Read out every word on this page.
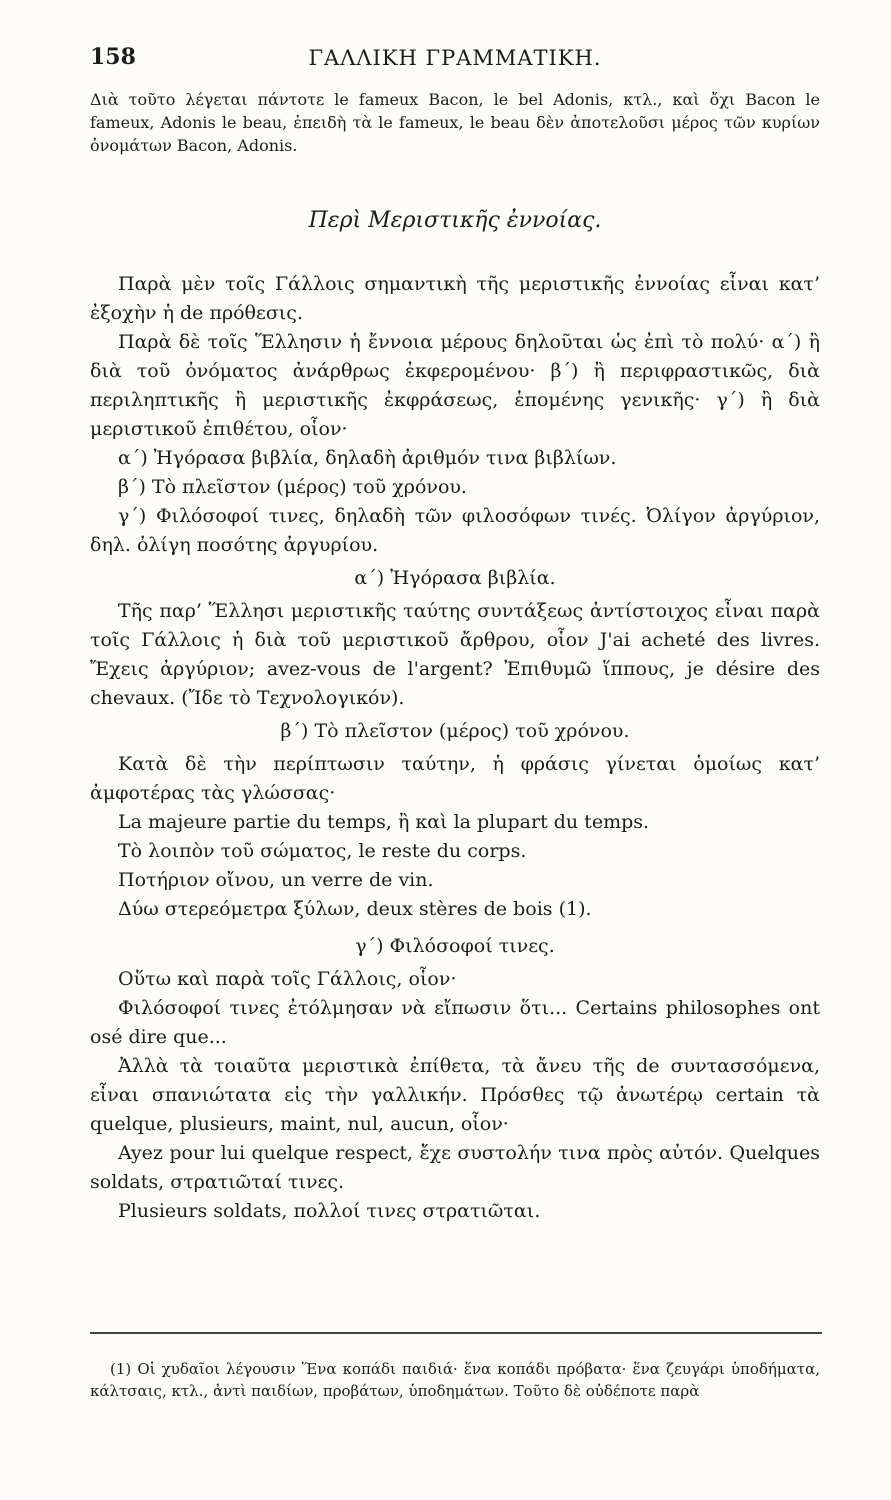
158	ΓΑΛΛΙΚΗ ΓΡΑΜΜΑΤΙΚΗ.

Διὰ τοῦτο λέγεται πάντοτε le fameux Bacon, le bel Adonis, κτλ., καὶ ὄχι Bacon le fameux, Adonis le beau, ἐπειδὴ τὰ le fameux, le beau δὲν ἀποτελοῦσι μέρος τῶν κυρίων ὀνομάτων Bacon, Adonis.

Περὶ Μεριστικῆς ἐννοίας.

Παρὰ μὲν τοῖς Γάλλοις σημαντικὴ τῆς μεριστικῆς ἐννοίας εἶναι κατ’ ἐξοχὴν ἡ de πρόθεσις.

Παρὰ δὲ τοῖς Ἕλλησιν ἡ ἔννοια μέρους δηλοῦται ὡς ἐπὶ τὸ πολύ· α΄) ἢ διὰ τοῦ ὀνόματος ἀνάρθρως ἐκφερομένου· β΄) ἢ περιφραστικῶς, διὰ περιληπτικῆς ἢ μεριστικῆς ἐκφράσεως, ἑπομένης γενικῆς· γ΄) ἢ διὰ μεριστικοῦ ἐπιθέτου, οἷον·

α΄) Ἠγόρασα βιβλία, δηλαδὴ ἀριθμόν τινα βιβλίων.

β΄) Τὸ πλεῖστον (μέρος) τοῦ χρόνου.

γ΄) Φιλόσοφοί τινες, δηλαδὴ τῶν φιλοσόφων τινές. Ὀλίγον ἀργύριον, δηλ. ὀλίγη ποσότης ἀργυρίου.

α΄) Ἠγόρασα βιβλία.

Τῆς παρ’ Ἕλλησι μεριστικῆς ταύτης συντάξεως ἀντίστοιχος εἶναι παρὰ τοῖς Γάλλοις ἡ διὰ τοῦ μεριστικοῦ ἄρθρου, οἷον J'ai acheté des livres. Ἔχεις ἀργύριον; avez-vous de l'argent? Ἐπιθυμῶ ἵππους, je désire des chevaux. (Ἴδε τὸ Τεχνολογικόν).

β΄) Τὸ πλεῖστον (μέρος) τοῦ χρόνου.

Κατὰ δὲ τὴν περίπτωσιν ταύτην, ἡ φράσις γίνεται ὁμοίως κατ’ ἀμφοτέρας τὰς γλώσσας·

La majeure partie du temps, ἢ καὶ la plupart du temps.

Τὸ λοιπὸν τοῦ σώματος, le reste du corps.

Ποτήριον οἴνου, un verre de vin.

Δύω στερεόμετρα ξύλων, deux stères de bois (1).

γ΄) Φιλόσοφοί τινες.

Οὕτω καὶ παρὰ τοῖς Γάλλοις, οἷον·

Φιλόσοφοί τινες ἐτόλμησαν νὰ εἴπωσιν ὅτι... Certains philosophes ont osé dire que...

Ἀλλὰ τὰ τοιαῦτα μεριστικὰ ἐπίθετα, τὰ ἄνευ τῆς de συντασσόμενα, εἶναι σπανιώτατα εἰς τὴν γαλλικήν. Πρόσθες τῷ ἀνωτέρῳ certain τὰ quelque, plusieurs, maint, nul, aucun, οἷον·

Ayez pour lui quelque respect, ἔχε συστολήν τινα πρὸς αὐτόν. Quelques soldats, στρατιῶταί τινες.

Plusieurs soldats, πολλοί τινες στρατιῶται.

(1) Οἱ χυδαῖοι λέγουσιν Ἕνα κοπάδι παιδιά· ἕνα κοπάδι πρόβατα· ἕνα ζευγάρι ὑποδήματα, κάλτσαις, κτλ., ἀντὶ παιδίων, προβάτων, ὑποδημάτων. Τοῦτο δὲ οὐδέποτε παρὰ
